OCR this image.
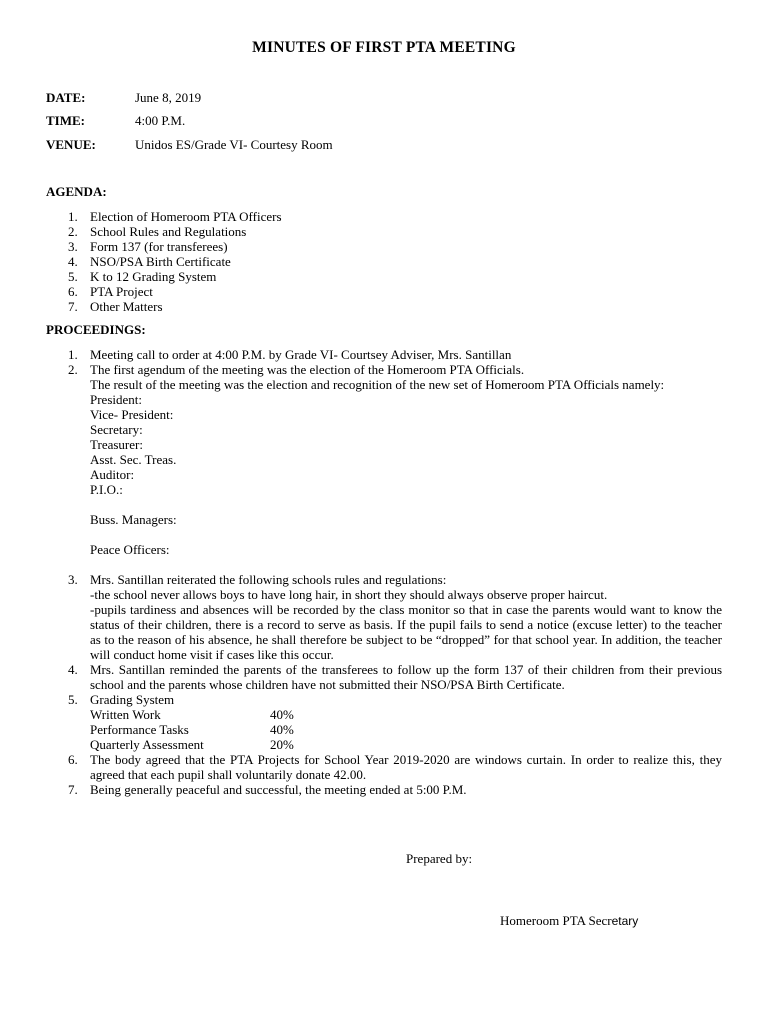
MINUTES OF FIRST PTA MEETING
DATE:	June 8, 2019
TIME:	4:00 P.M.
VENUE:	Unidos ES/Grade VI- Courtesy Room
AGENDA:
1. Election of Homeroom PTA Officers
2. School Rules and Regulations
3. Form 137 (for transferees)
4. NSO/PSA Birth Certificate
5. K to 12 Grading System
6. PTA Project
7. Other Matters
PROCEEDINGS:
1. Meeting call to order at 4:00 P.M. by Grade VI- Courtsey Adviser, Mrs. Santillan
2. The first agendum of the meeting was the election of the Homeroom PTA Officials.
The result of the meeting was the election and recognition of the new set of Homeroom PTA Officials namely:
President:
Vice- President:
Secretary:
Treasurer:
Asst. Sec. Treas.
Auditor:
P.I.O.:
Buss. Managers:
Peace Officers:
3. Mrs. Santillan reiterated the following schools rules and regulations:
-the school never allows boys to have long hair, in short they should always observe proper haircut.
-pupils tardiness and absences will be recorded by the class monitor so that in case the parents would want to know the status of their children, there is a record to serve as basis. If the pupil fails to send a notice (excuse letter) to the teacher as to the reason of his absence, he shall therefore be subject to be “dropped” for that school year. In addition, the teacher will conduct home visit if cases like this occur.
4. Mrs. Santillan reminded the parents of the transferees to follow up the form 137 of their children from their previous school and the parents whose children have not submitted their NSO/PSA Birth Certificate.
5. Grading System
Written Work	40%
Performance Tasks	40%
Quarterly Assessment	20%
6. The body agreed that the PTA Projects for School Year 2019-2020 are windows curtain. In order to realize this, they agreed that each pupil shall voluntarily donate 42.00.
7. Being generally peaceful and successful, the meeting ended at 5:00 P.M.
Prepared by:
Homeroom PTA Secretary
